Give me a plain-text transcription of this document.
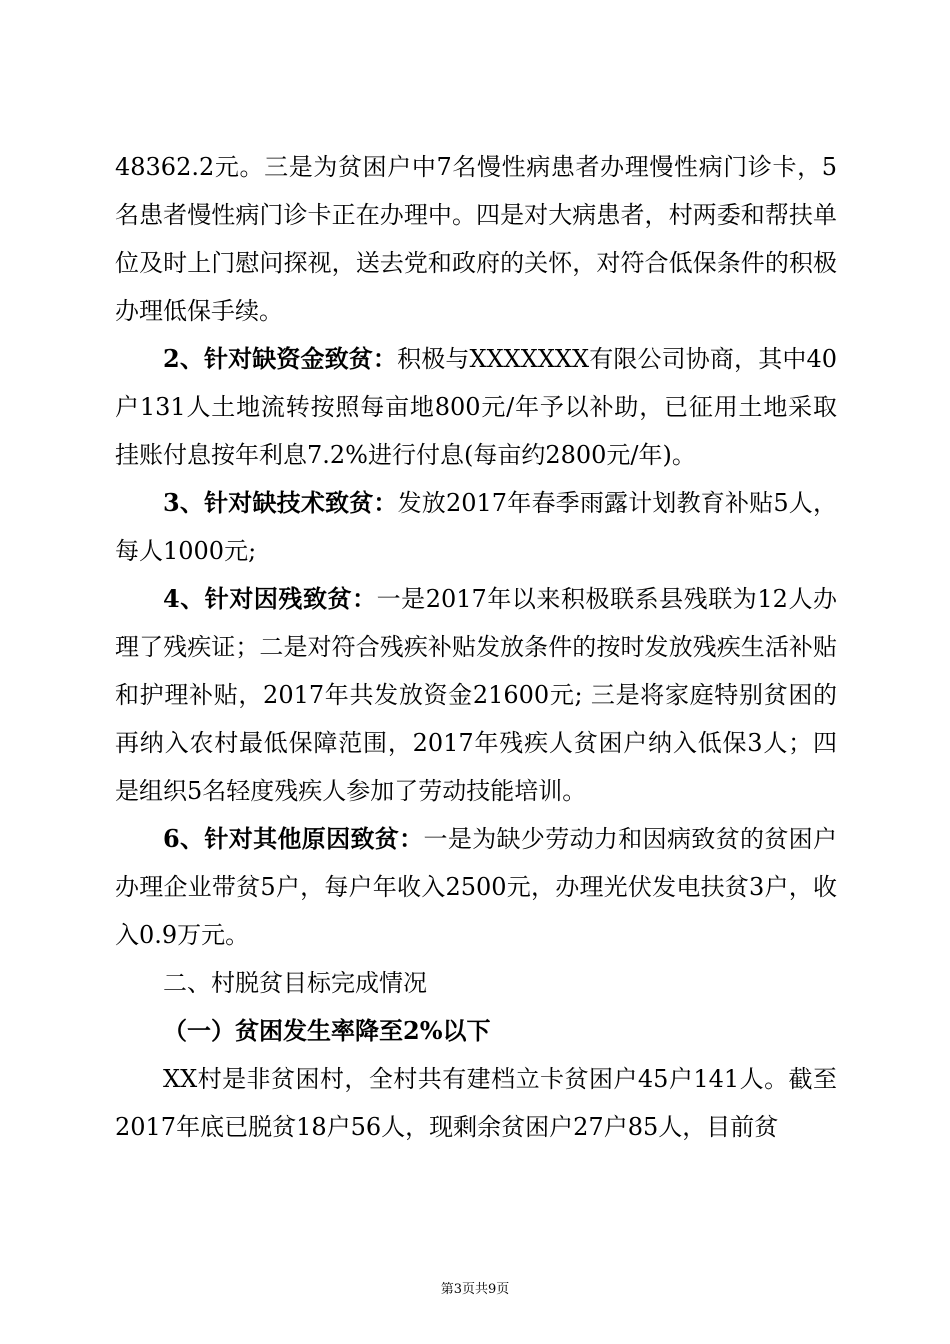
48362.2元。三是为贫困户中7名慢性病患者办理慢性病门诊卡，5名患者慢性病门诊卡正在办理中。四是对大病患者，村两委和帮扶单位及时上门慰问探视，送去党和政府的关怀，对符合低保条件的积极办理低保手续。

2、针对缺资金致贫：积极与XXXXXXX有限公司协商，其中40户131人土地流转按照每亩地800元/年予以补助，已征用土地采取挂账付息按年利息7.2%进行付息(每亩约2800元/年)。

3、针对缺技术致贫：发放2017年春季雨露计划教育补贴5人，每人1000元;

4、针对因残致贫：一是2017年以来积极联系县残联为12人办理了残疾证；二是对符合残疾补贴发放条件的按时发放残疾生活补贴和护理补贴，2017年共发放资金21600元; 三是将家庭特别贫困的再纳入农村最低保障范围，2017年残疾人贫困户纳入低保3人；四是组织5名轻度残疾人参加了劳动技能培训。

6、针对其他原因致贫：一是为缺少劳动力和因病致贫的贫困户办理企业带贫5户，每户年收入2500元，办理光伏发电扶贫3户，收入0.9万元。

二、村脱贫目标完成情况
（一）贫困发生率降至2%以下

XX村是非贫困村，全村共有建档立卡贫困户45户141人。截至2017年底已脱贫18户56人，现剩余贫困户27户85人，目前贫

第3页共9页
